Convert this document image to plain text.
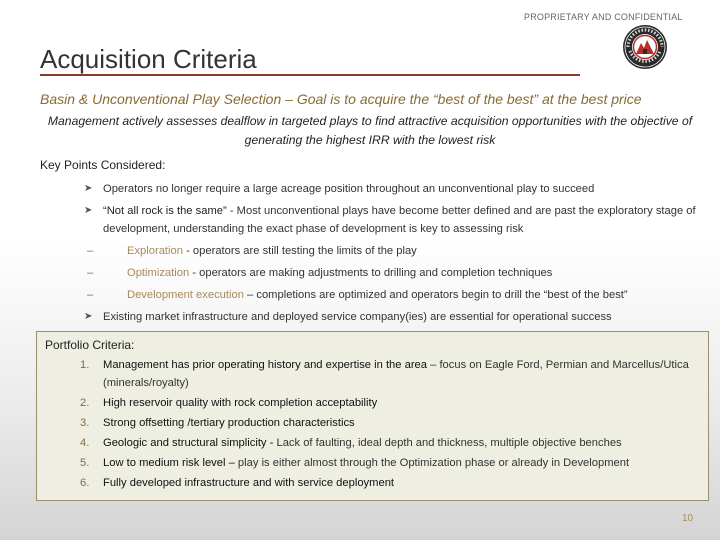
PROPRIETARY AND CONFIDENTIAL
Acquisition Criteria
Basin & Unconventional Play Selection – Goal is to acquire the “best of the best” at the best price
Management actively assesses dealflow in targeted plays to find attractive acquisition opportunities with the objective of generating the highest IRR with the lowest risk
Key Points Considered:
➤ Operators no longer require a large acreage position throughout an unconventional play to succeed
➤ “Not all rock is the same” - Most unconventional plays have become better defined and are past the exploratory stage of development, understanding the exact phase of development is key to assessing risk
–	Exploration - operators are still testing the limits of the play
–	Optimization - operators are making adjustments to drilling and completion techniques
–	Development execution – completions are optimized and operators begin to drill the “best of the best”
➤ Existing market infrastructure and deployed service company(ies) are essential for operational success
Portfolio Criteria:
1. Management has prior operating history and expertise in the area – focus on Eagle Ford, Permian and Marcellus/Utica (minerals/royalty)
2. High reservoir quality with rock completion acceptability
3. Strong offsetting /tertiary production characteristics
4. Geologic and structural simplicity - Lack of faulting, ideal depth and thickness, multiple objective benches
5. Low to medium risk level – play is either almost through the Optimization phase or already in Development
6. Fully developed infrastructure and with service deployment
10
